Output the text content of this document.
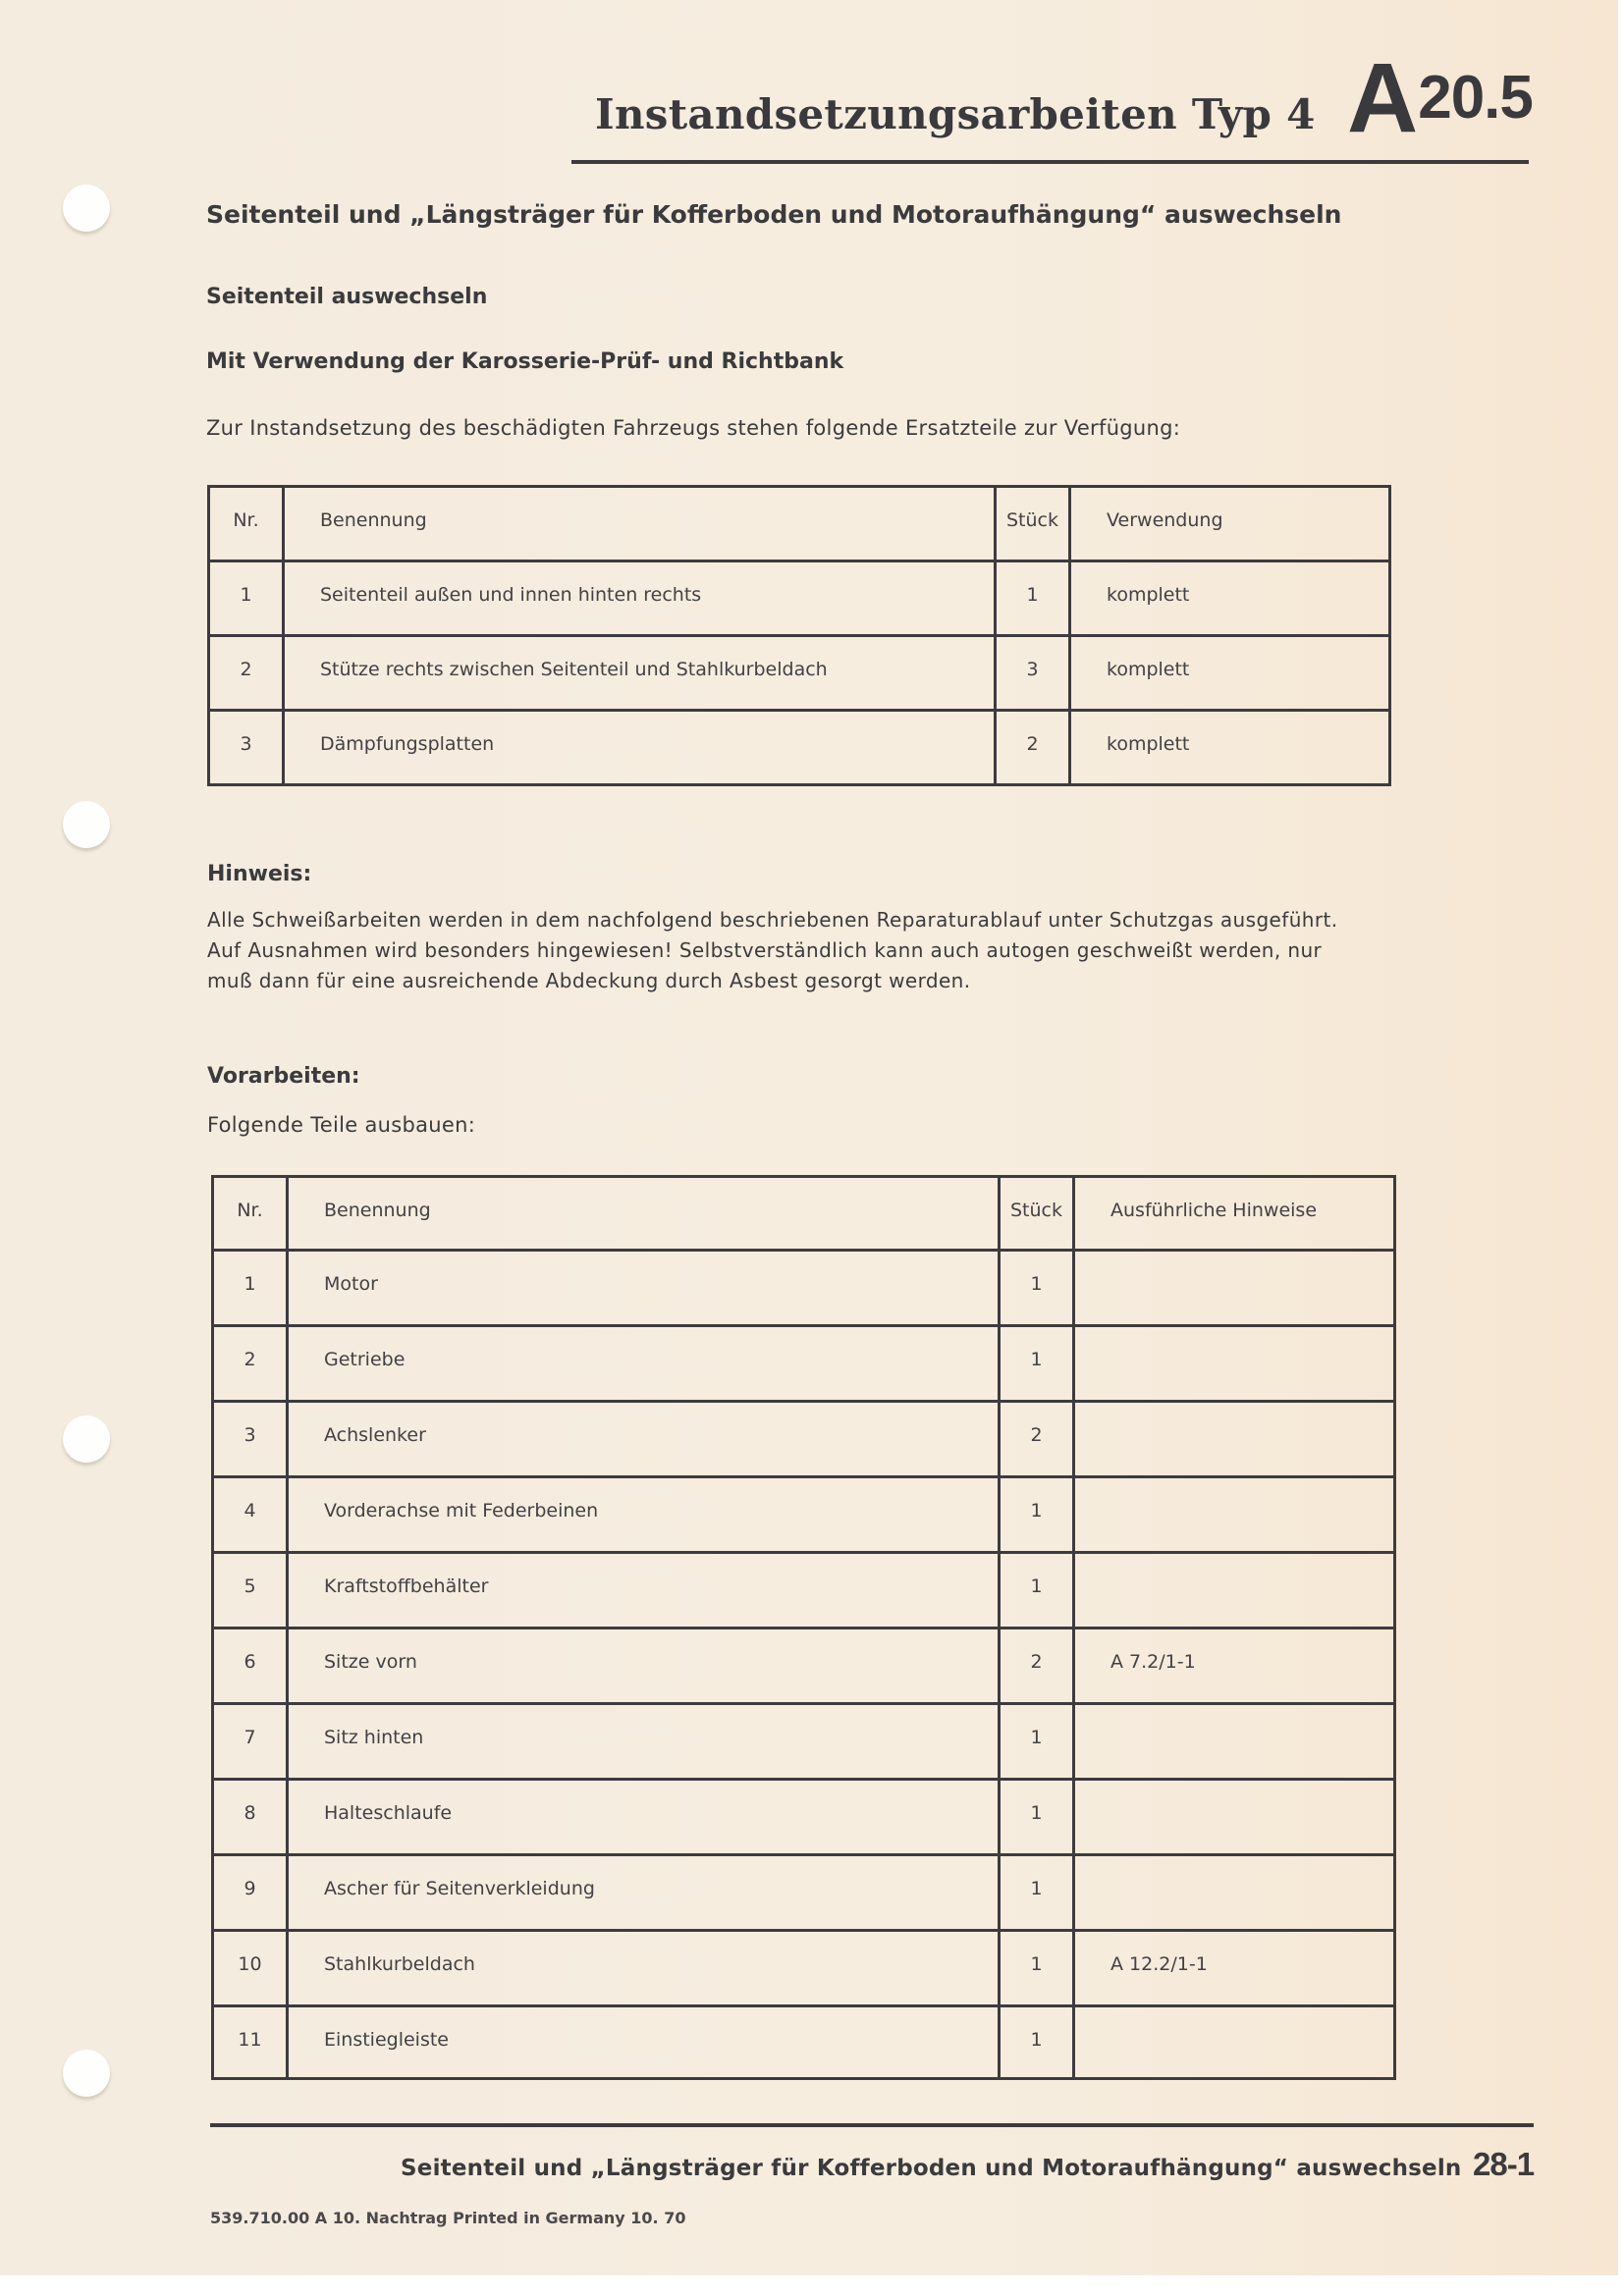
Instandsetzungsarbeiten Typ 4 A20.5
Seitenteil und „Längsträger für Kofferboden und Motoraufhängung“ auswechseln
Seitenteil auswechseln
Mit Verwendung der Karosserie-Prüf- und Richtbank
Zur Instandsetzung des beschädigten Fahrzeugs stehen folgende Ersatzteile zur Verfügung:
Nr.	Benennung	Stück	Verwendung
1	Seitenteil außen und innen hinten rechts	1	komplett
2	Stütze rechts zwischen Seitenteil und Stahlkurbeldach	3	komplett
3	Dämpfungsplatten	2	komplett
Hinweis:
Alle Schweißarbeiten werden in dem nachfolgend beschriebenen Reparaturablauf unter Schutzgas ausgeführt.
Auf Ausnahmen wird besonders hingewiesen! Selbstverständlich kann auch autogen geschweißt werden, nur
muß dann für eine ausreichende Abdeckung durch Asbest gesorgt werden.
Vorarbeiten:
Folgende Teile ausbauen:
Nr.	Benennung	Stück	Ausführliche Hinweise
1	Motor	1	
2	Getriebe	1	
3	Achslenker	2	
4	Vorderachse mit Federbeinen	1	
5	Kraftstoffbehälter	1	
6	Sitze vorn	2	A 7.2/1-1
7	Sitz hinten	1	
8	Halteschlaufe	1	
9	Ascher für Seitenverkleidung	1	
10	Stahlkurbeldach	1	A 12.2/1-1
11	Einstiegleiste	1	
Seitenteil und „Längsträger für Kofferboden und Motoraufhängung“ auswechseln 28-1
539.710.00 A 10. Nachtrag Printed in Germany 10. 70
